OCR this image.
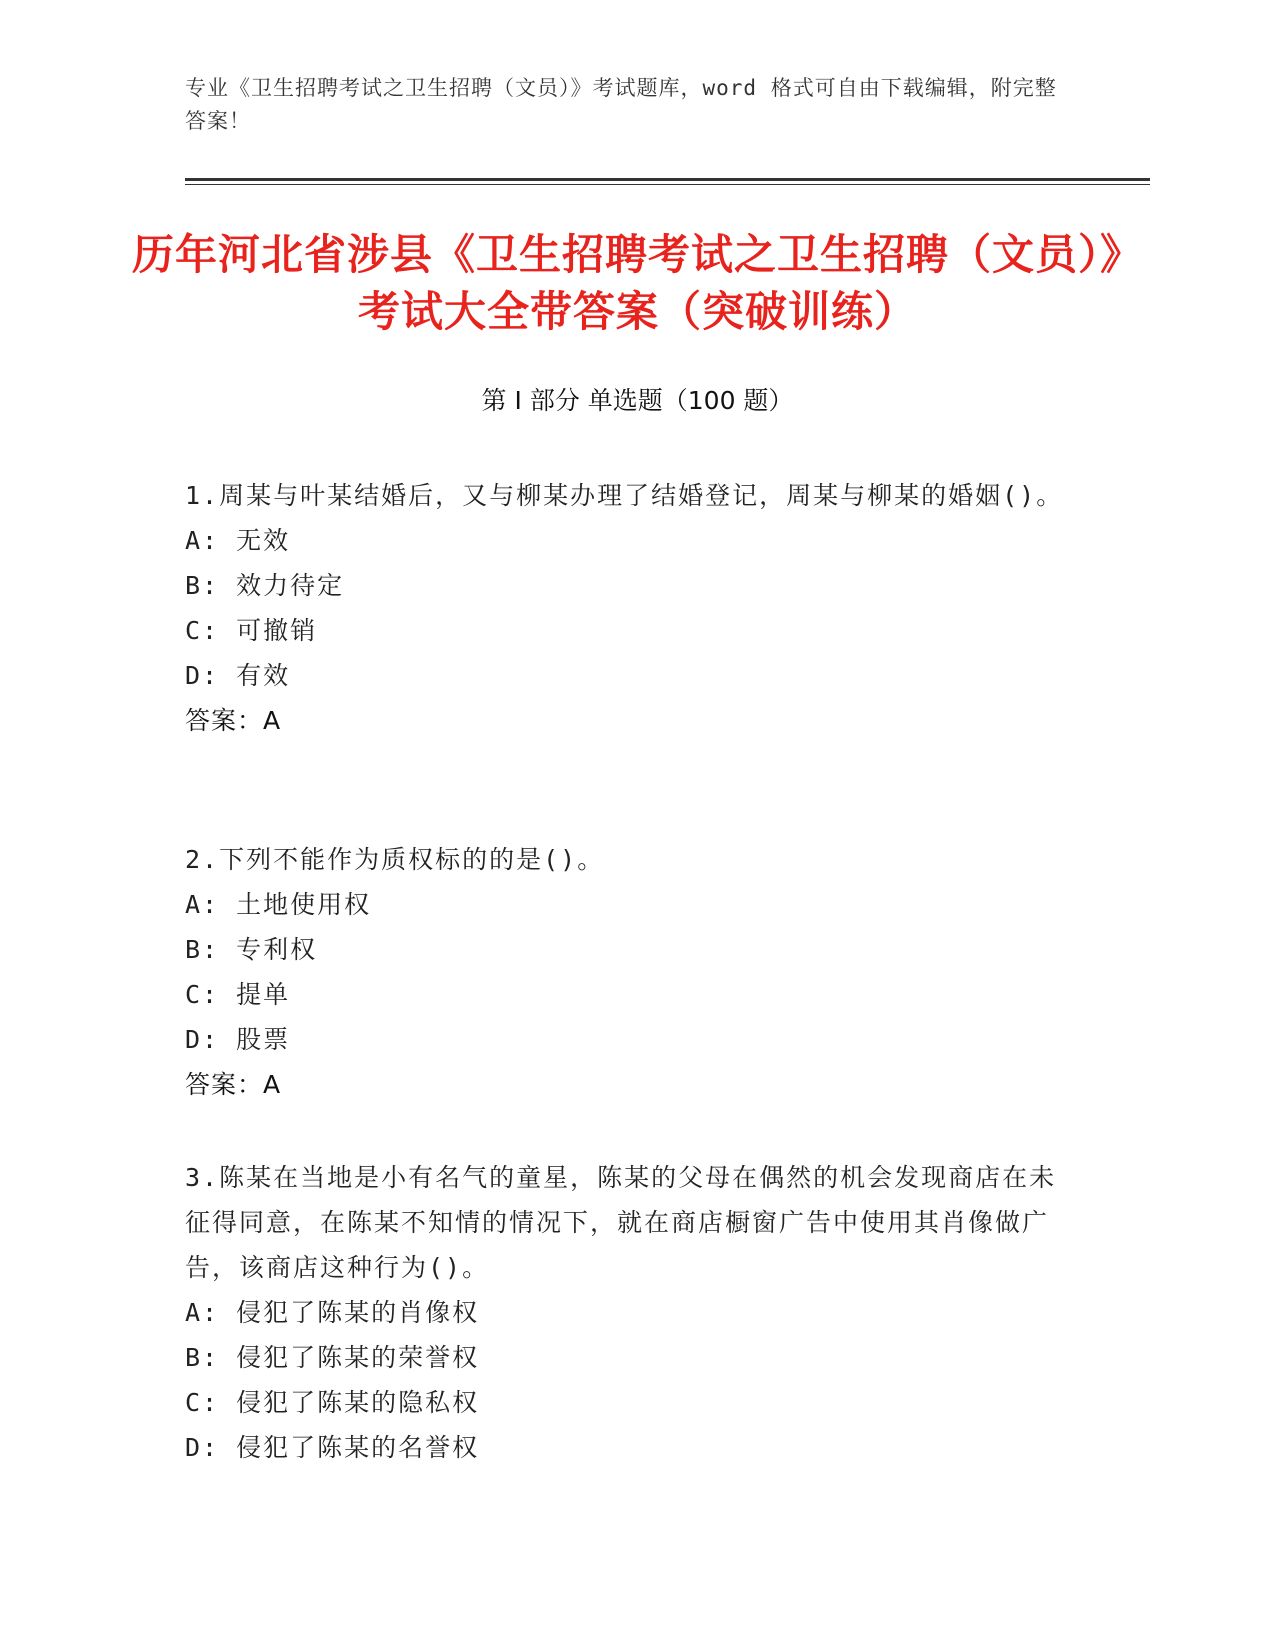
专业《卫生招聘考试之卫生招聘（文员）》考试题库，word 格式可自由下载编辑，附完整答案！
历年河北省涉县《卫生招聘考试之卫生招聘（文员）》考试大全带答案（突破训练）
第 I 部分 单选题（100 题）

1.周某与叶某结婚后，又与柳某办理了结婚登记，周某与柳某的婚姻()。

A: 无效

B: 效力待定

C: 可撤销

D: 有效

答案：A

2.下列不能作为质权标的的是()。

A: 土地使用权

B: 专利权

C: 提单

D: 股票

答案：A

3.陈某在当地是小有名气的童星，陈某的父母在偶然的机会发现商店在未征得同意，在陈某不知情的情况下，就在商店橱窗广告中使用其肖像做广告，该商店这种行为()。

A: 侵犯了陈某的肖像权

B: 侵犯了陈某的荣誉权

C: 侵犯了陈某的隐私权

D: 侵犯了陈某的名誉权
